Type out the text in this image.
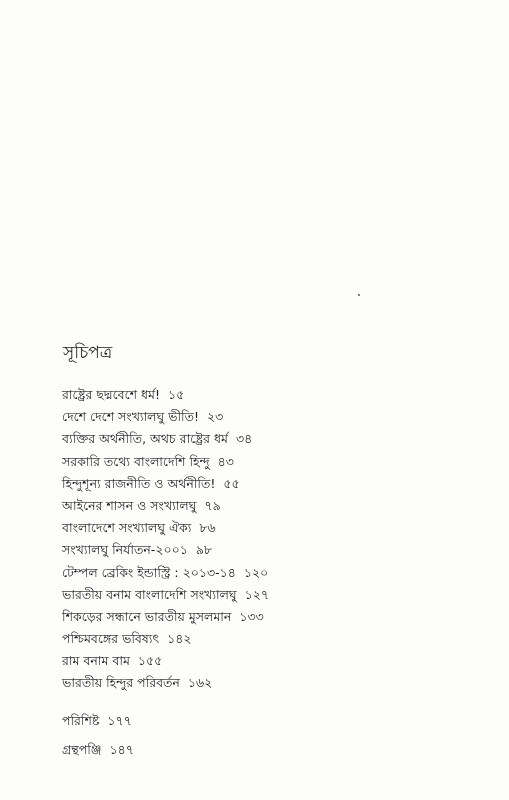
সূচিপত্র
রাষ্ট্রের ছদ্মবেশে ধর্ম! ১৫
দেশে দেশে সংখ্যালঘু ভীতি! ২৩
ব্যক্তির অর্থনীতি, অথচ রাষ্ট্রের ধর্ম ৩৪
সরকারি তথ্যে বাংলাদেশি হিন্দু ৪৩
হিন্দুশূন্য রাজনীতি ও অর্থনীতি! ৫৫
আইনের শাসন ও সংখ্যালঘু ৭৯
বাংলাদেশে সংখ্যালঘু ঐক্য ৮৬
সংখ্যালঘু নির্যাতন-২০০১ ৯৮
টেম্পল ব্রেকিং ইন্ডাস্ট্রি : ২০১৩-১৪ ১২০
ভারতীয় বনাম বাংলাদেশি সংখ্যালঘু ১২৭
শিকড়ের সন্ধানে ভারতীয় মুসলমান ১৩৩
পশ্চিমবঙ্গের ভবিষ্যৎ ১৪২
রাম বনাম বাম ১৫৫
ভারতীয় হিন্দুর পরিবর্তন ১৬২
পরিশিষ্ট ১৭৭
গ্রন্থপঞ্জি ১৪৭
